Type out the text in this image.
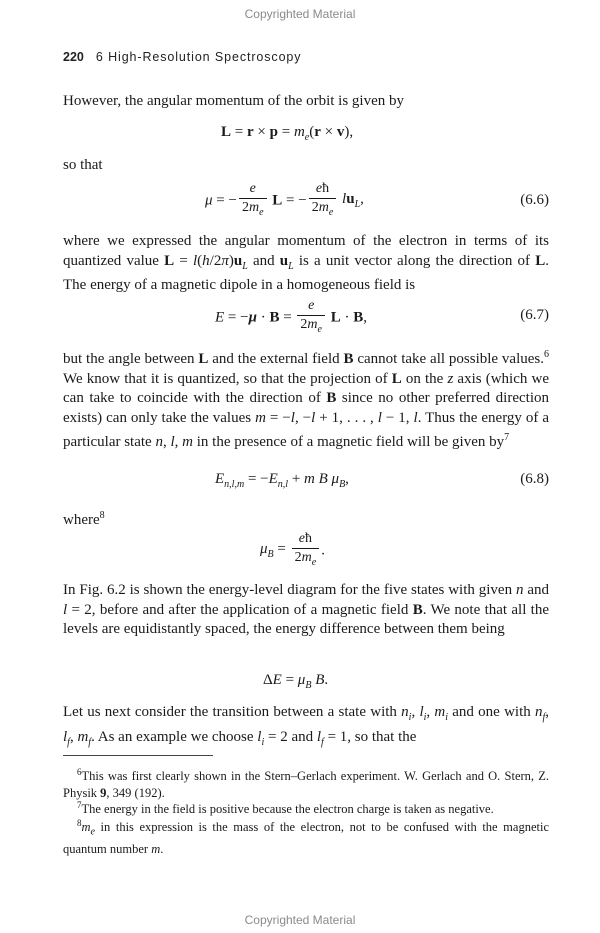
Copyrighted Material
220 6 High-Resolution Spectroscopy
However, the angular momentum of the orbit is given by
$L = r \times p = m_e(r \times v)$,
so that
μ = − $\frac{e}{2m_e}$ L = − $\frac{eħ}{2m_e} lu_L$,	(6.6)
where we expressed the angular momentum of the electron in terms of its quantized value $L = l(h/2\pi)u_L$ and $u_L$ is a unit vector along the direction of L. The energy of a magnetic dipole in a homogeneous field is
$E = -\mu \cdot B = \frac{e}{2m_e}$ L · B,	(6.7)
but the angle between L and the external field B cannot take all possible values.$^6$ We know that it is quantized, so that the projection of L on the z axis (which we can take to coincide with the direction of B since no other preferred direction exists) can only take the values m = −l, −l + 1, . . . , l − 1, l. Thus the energy of a particular state n, l, m in the presence of a magnetic field will be given $by^7$
$E_{n,l,m} = -E_{n,l} + m$ B $\mu_B$,	(6.8)
where$^8$
$\mu_B = \frac{eħ}{2m_e}$ .
In Fig. 6.2 is shown the energy-level diagram for the five states with given n and l = 2, before and after the application of a magnetic field B. We note that all the levels are equidistantly spaced, the energy difference between them being
$\Delta E = \mu_B$ B.
Let us next consider the transition between a state with $n_i$, $l_i$, $m_i$ and one with $n_f$, $l_f$, $m_f$. As an example we choose $l_i = 2$ and $l_f = 1$, so that the
$^6$This was first clearly shown in the Stern–Gerlach experiment. W. Gerlach and O. Stern, Z. Physik 9, 349 (192).
$^7$The energy in the field is positive because the electron charge is taken as negative.
$^8m_e$ in this expression is the mass of the electron, not to be confused with the magnetic quantum number m.
Copyrighted Material
